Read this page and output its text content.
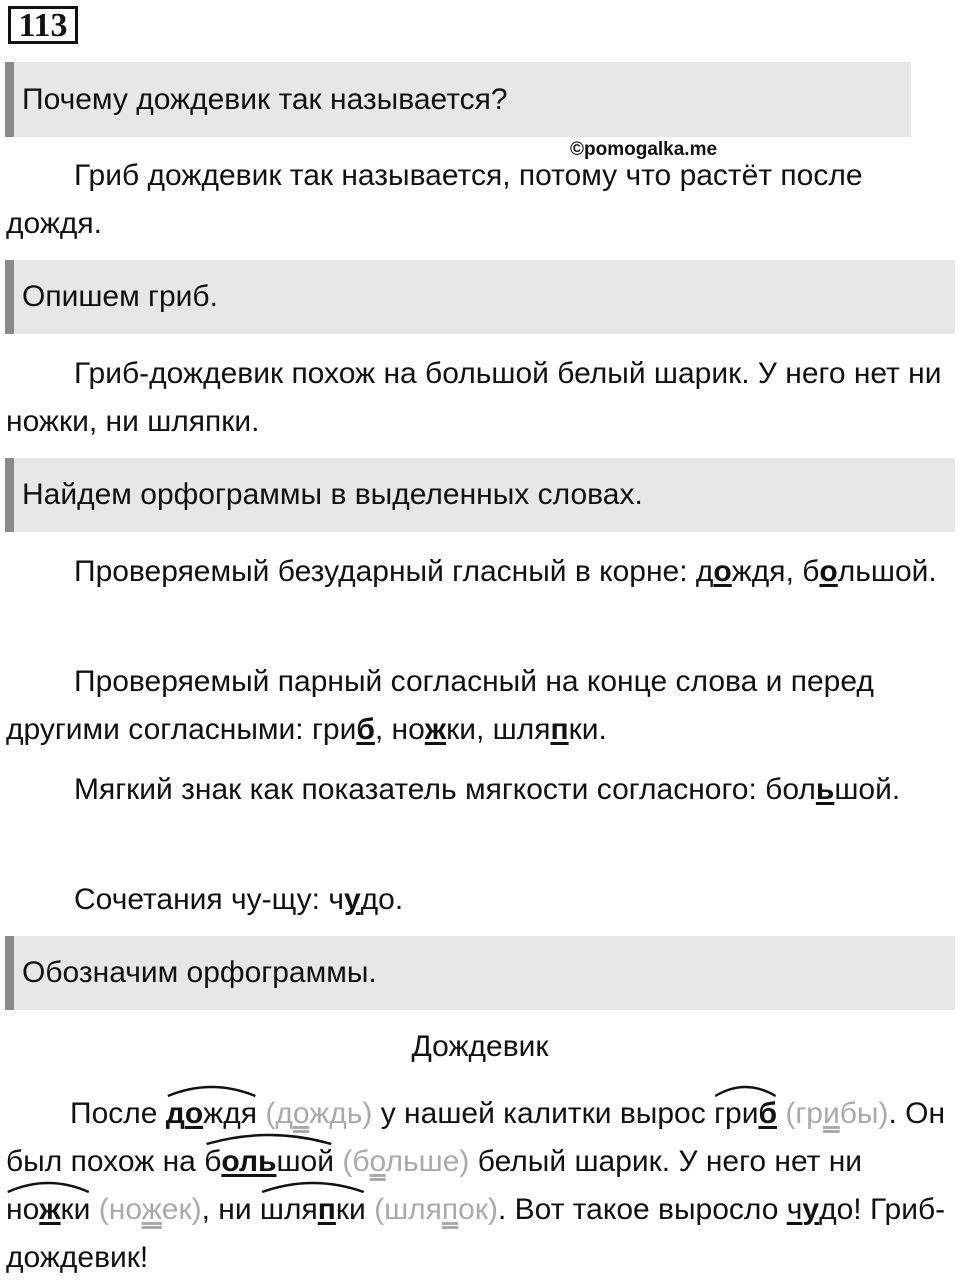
113
Почему дождевик так называется?
©pomogalka.me

Гриб дождевик так называется, потому что растёт после дождя.

Опишем гриб.

Гриб-дождевик похож на большой белый шарик. У него нет ни ножки, ни шляпки.

Найдем орфограммы в выделенных словах.

Проверяемый безударный гласный в корне: дождя, большой.

Проверяемый парный согласный на конце слова и перед другими согласными: гриб, ножки, шляпки.

Мягкий знак как показатель мягкости согласного: большой.

Сочетания чу-щу: чудо.

Обозначим орфограммы.
Дождевик

После
дождя (дождь) у нашей калитки вырос
гриб (грибы). Он был похож на
большой (больше) белый шарик. У него нет ни
ножки (ножек), ни
шляпки (шляпок). Вот такое выросло чудо! Гриб-дождевик!
